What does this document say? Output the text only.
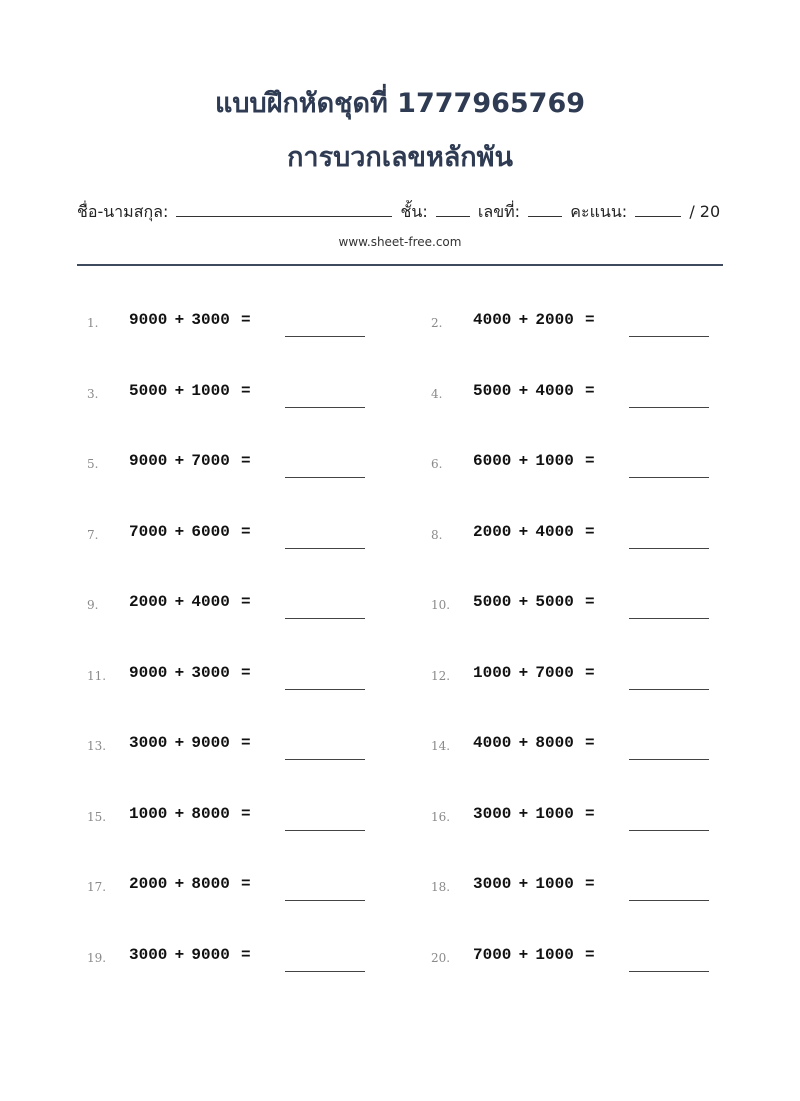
แบบฝึกหัดชุดที่ 1777965769
การบวกเลขหลักพัน
ชื่อ-นามสกุล:	ชั้น:	เลขที่:	คะแนน:	/ 20
www.sheet-free.com
1. 9000 + 3000 =	2. 4000 + 2000 =
3. 5000 + 1000 =	4. 5000 + 4000 =
5. 9000 + 7000 =	6. 6000 + 1000 =
7. 7000 + 6000 =	8. 2000 + 4000 =
9. 2000 + 4000 =	10. 5000 + 5000 =
11. 9000 + 3000 =	12. 1000 + 7000 =
13. 3000 + 9000 =	14. 4000 + 8000 =
15. 1000 + 8000 =	16. 3000 + 1000 =
17. 2000 + 8000 =	18. 3000 + 1000 =
19. 3000 + 9000 =	20. 7000 + 1000 =
